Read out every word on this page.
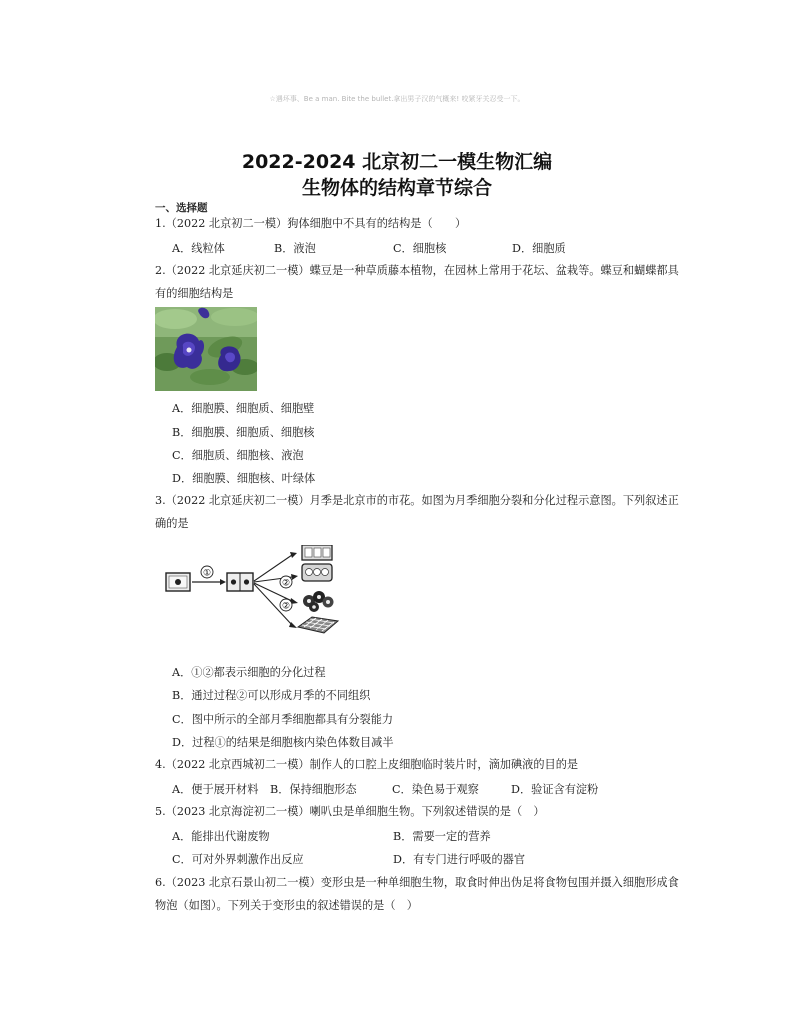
☆遇坏事、Be a man. Bite the bullet.拿出男子汉的气概来! 咬紧牙关忍受一下。
2022-2024 北京初二一模生物汇编
生物体的结构章节综合
一、选择题
1.（2022 北京初二一模）狗体细胞中不具有的结构是（　　）
A．线粒体	B．液泡	C．细胞核	D．细胞质
2.（2022 北京延庆初二一模）蝶豆是一种草质藤本植物，在园林上常用于花坛、盆栽等。蝶豆和蝴蝶都具
有的细胞结构是
A．细胞膜、细胞质、细胞壁
B．细胞膜、细胞质、细胞核
C．细胞质、细胞核、液泡
D．细胞膜、细胞核、叶绿体
3.（2022 北京延庆初二一模）月季是北京市的市花。如图为月季细胞分裂和分化过程示意图。下列叙述正
确的是
①
②
②
A．①②都表示细胞的分化过程
B．通过过程②可以形成月季的不同组织
C．图中所示的全部月季细胞都具有分裂能力
D．过程①的结果是细胞核内染色体数目减半
4.（2022 北京西城初二一模）制作人的口腔上皮细胞临时装片时，滴加碘液的目的是
A．便于展开材料 B．保持细胞形态	C．染色易于观察	D．验证含有淀粉
5.（2023 北京海淀初二一模）喇叭虫是单细胞生物。下列叙述错误的是（　）
A．能排出代谢废物	B．需要一定的营养
C．可对外界刺激作出反应	D．有专门进行呼吸的器官
6.（2023 北京石景山初二一模）变形虫是一种单细胞生物，取食时伸出伪足将食物包围并摄入细胞形成食
物泡（如图）。下列关于变形虫的叙述错误的是（　）
